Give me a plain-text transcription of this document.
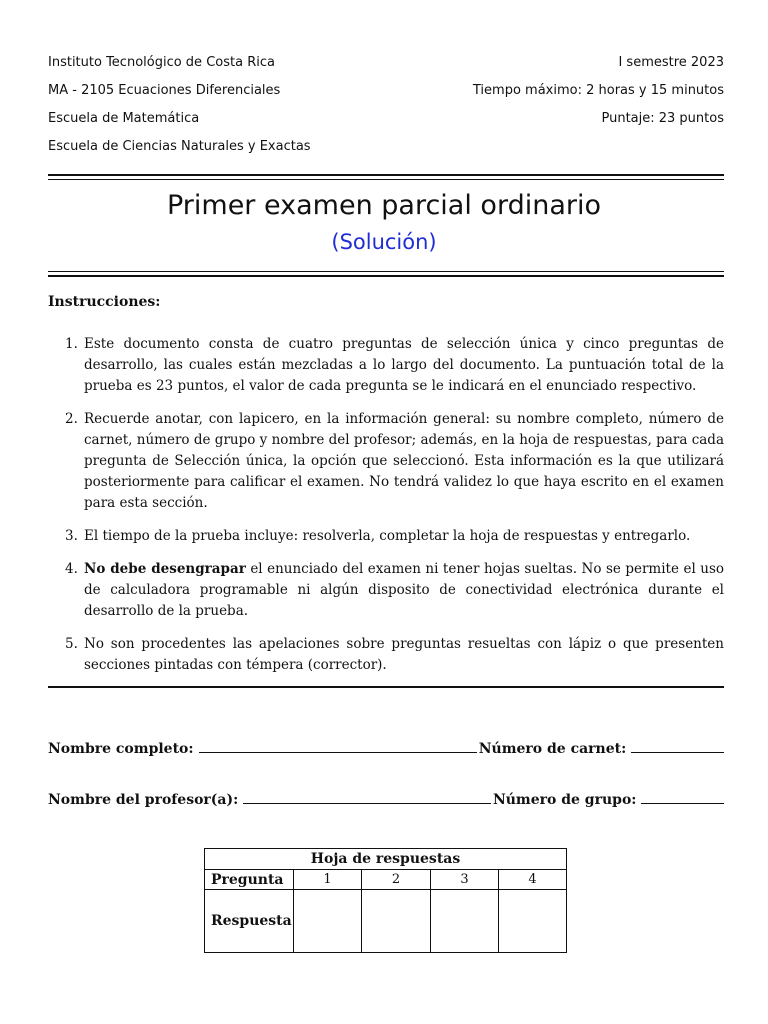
Instituto Tecnológico de Costa Rica
MA - 2105 Ecuaciones Diferenciales
Escuela de Matemática
Escuela de Ciencias Naturales y Exactas
I semestre 2023
Tiempo máximo: 2 horas y 15 minutos
Puntaje: 23 puntos
Primer examen parcial ordinario
(Solución)
Instrucciones:
1. Este documento consta de cuatro preguntas de selección única y cinco preguntas de desarrollo, las cuales están mezcladas a lo largo del documento. La puntuación total de la prueba es 23 puntos, el valor de cada pregunta se le indicará en el enunciado respectivo.
2. Recuerde anotar, con lapicero, en la información general: su nombre completo, número de carnet, número de grupo y nombre del profesor; además, en la hoja de respuestas, para cada pregunta de Selección única, la opción que seleccionó. Esta información es la que utilizará posteriormente para calificar el examen. No tendrá validez lo que haya escrito en el examen para esta sección.
3. El tiempo de la prueba incluye: resolverla, completar la hoja de respuestas y entregarlo.
4. No debe desengrapar el enunciado del examen ni tener hojas sueltas. No se permite el uso de calculadora programable ni algún disposito de conectividad electrónica durante el desarrollo de la prueba.
5. No son procedentes las apelaciones sobre preguntas resueltas con lápiz o que presenten secciones pintadas con témpera (corrector).
Nombre completo:	Número de carnet:
Nombre del profesor(a):	Número de grupo:
Hoja de respuestas				
Pregunta	1	2	3	4
Respuesta				
